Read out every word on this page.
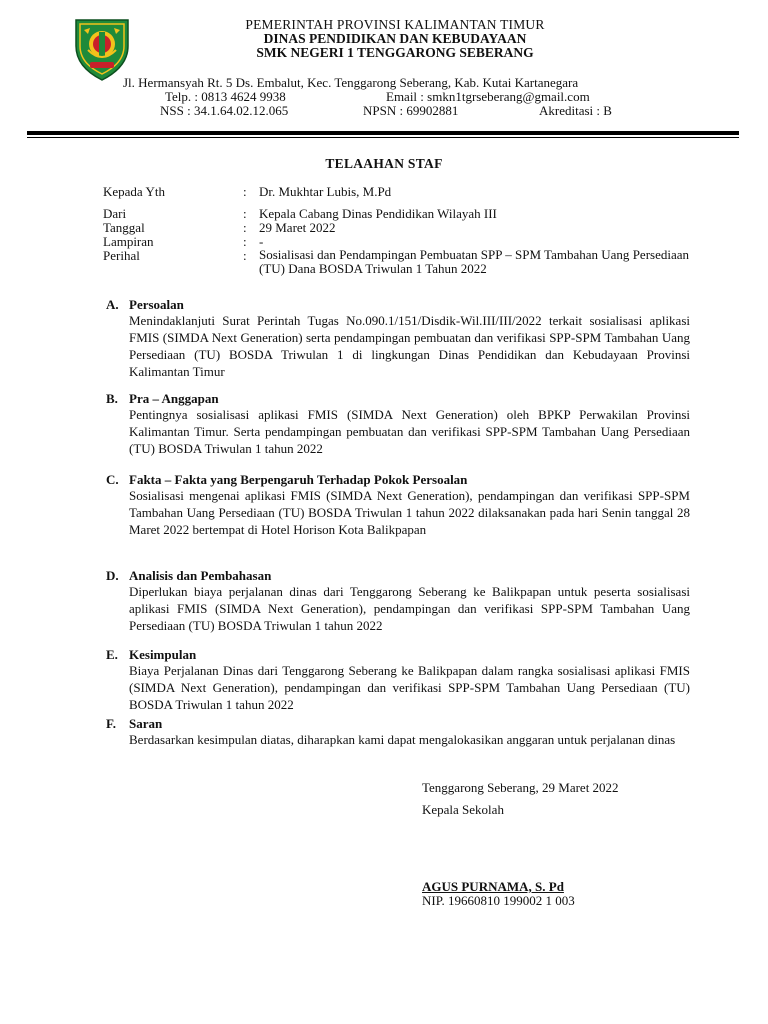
PEMERINTAH PROVINSI KALIMANTAN TIMUR
DINAS PENDIDIKAN DAN KEBUDAYAAN
SMK NEGERI 1 TENGGARONG SEBERANG
Jl. Hermansyah Rt. 5 Ds. Embalut, Kec. Tenggarong Seberang, Kab. Kutai Kartanegara
Telp. : 0813 4624 9938	Email : smkn1tgrseberang@gmail.com
NSS : 34.1.64.02.12.065	NPSN : 69902881	Akreditasi : B
TELAAHAN STAF
Kepada Yth	: Dr. Mukhtar Lubis, M.Pd
Dari	: Kepala Cabang Dinas Pendidikan Wilayah III
Tanggal	: 29 Maret 2022
Lampiran	: -
Perihal	: Sosialisasi dan Pendampingan Pembuatan SPP – SPM Tambahan Uang Persediaan (TU) Dana BOSDA Triwulan 1 Tahun 2022
A. Persoalan
Menindaklanjuti Surat Perintah Tugas No.090.1/151/Disdik-Wil.III/III/2022 terkait sosialisasi aplikasi FMIS (SIMDA Next Generation) serta pendampingan pembuatan dan verifikasi SPP-SPM Tambahan Uang Persediaan (TU) BOSDA Triwulan 1 di lingkungan Dinas Pendidikan dan Kebudayaan Provinsi Kalimantan Timur
B. Pra – Anggapan
Pentingnya sosialisasi aplikasi FMIS (SIMDA Next Generation) oleh BPKP Perwakilan Provinsi Kalimantan Timur. Serta pendampingan pembuatan dan verifikasi SPP-SPM Tambahan Uang Persediaan (TU) BOSDA Triwulan 1 tahun 2022
C. Fakta – Fakta yang Berpengaruh Terhadap Pokok Persoalan
Sosialisasi mengenai aplikasi FMIS (SIMDA Next Generation), pendampingan dan verifikasi SPP-SPM Tambahan Uang Persediaan (TU) BOSDA Triwulan 1 tahun 2022 dilaksanakan pada hari Senin tanggal 28 Maret 2022 bertempat di Hotel Horison Kota Balikpapan
D. Analisis dan Pembahasan
Diperlukan biaya perjalanan dinas dari Tenggarong Seberang ke Balikpapan untuk peserta sosialisasi aplikasi FMIS (SIMDA Next Generation), pendampingan dan verifikasi SPP-SPM Tambahan Uang Persediaan (TU) BOSDA Triwulan 1 tahun 2022
E. Kesimpulan
Biaya Perjalanan Dinas dari Tenggarong Seberang ke Balikpapan dalam rangka sosialisasi aplikasi FMIS (SIMDA Next Generation), pendampingan dan verifikasi SPP-SPM Tambahan Uang Persediaan (TU) BOSDA Triwulan 1 tahun 2022
F.	Saran
Berdasarkan kesimpulan diatas, diharapkan kami dapat mengalokasikan anggaran untuk perjalanan dinas
Tenggarong Seberang, 29 Maret 2022
Kepala Sekolah
AGUS PURNAMA, S. Pd
NIP. 19660810 199002 1 003
